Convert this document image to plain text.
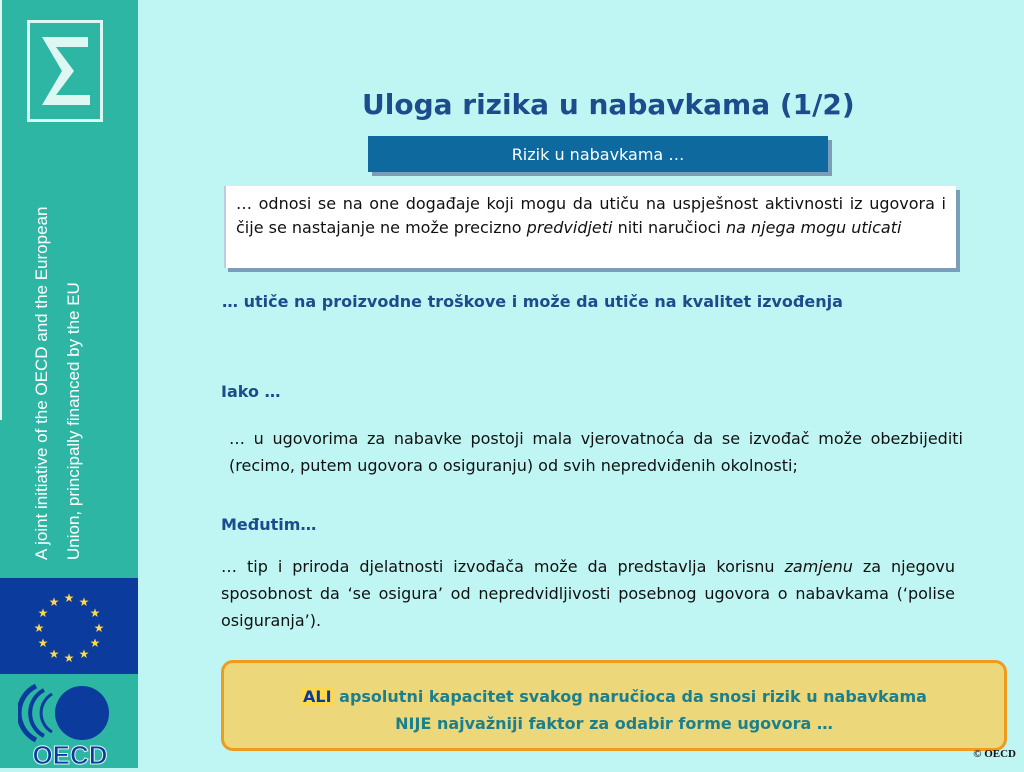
A joint initiative of the OECD and the European Union, principally financed by the EU
★ ★
★
★
★
★
★
★
★
★
★
★
OECD
Uloga rizika u nabavkama (1/2)
Rizik u nabavkama …
… odnosi se na one događaje koji mogu da utiču na uspješnost aktivnosti iz ugovora i čije se nastajanje ne može precizno predvidjeti niti naručioci na njega mogu uticati
… utiče na proizvodne troškove i može da utiče na kvalitet izvođenja
Iako …
… u ugovorima za nabavke postoji mala vjerovatnoća da se izvođač može obezbijediti (recimo, putem ugovora o osiguranju) od svih nepredviđenih okolnosti;
Međutim…
… tip i priroda djelatnosti izvođača može da predstavlja korisnu zamjenu za njegovu sposobnost da ‘se osigura’ od nepredvidljivosti posebnog ugovora o nabavkama (‘polise osiguranja’).
ALI apsolutni kapacitet svakog naručioca da snosi rizik u nabavkama
NIJE najvažniji faktor za odabir forme ugovora …
© OECD
